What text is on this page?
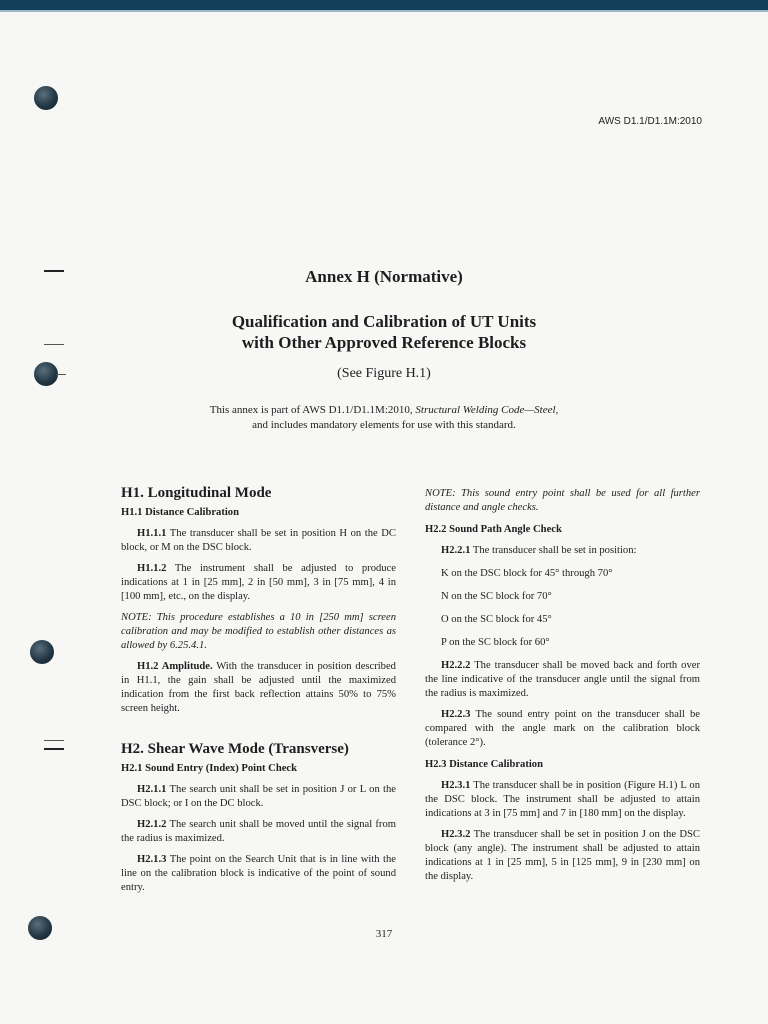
AWS D1.1/D1.1M:2010
Annex H (Normative)
Qualification and Calibration of UT Units
with Other Approved Reference Blocks
(See Figure H.1)
This annex is part of AWS D1.1/D1.1M:2010, Structural Welding Code—Steel,
and includes mandatory elements for use with this standard.

H1. Longitudinal Mode

H1.1 Distance Calibration

H1.1.1 The transducer shall be set in position H on the DC block, or M on the DSC block.

H1.1.2 The instrument shall be adjusted to produce indications at 1 in [25 mm], 2 in [50 mm], 3 in [75 mm], 4 in [100 mm], etc., on the display.

NOTE: This procedure establishes a 10 in [250 mm] screen calibration and may be modified to establish other distances as allowed by 6.25.4.1.

H1.2 Amplitude. With the transducer in position described in H1.1, the gain shall be adjusted until the maximized indication from the first back reflection attains 50% to 75% screen height.

H2. Shear Wave Mode (Transverse)

H2.1 Sound Entry (Index) Point Check

H2.1.1 The search unit shall be set in position J or L on the DSC block; or I on the DC block.

H2.1.2 The search unit shall be moved until the signal from the radius is maximized.

H2.1.3 The point on the Search Unit that is in line with the line on the calibration block is indicative of the point of sound entry.

NOTE: This sound entry point shall be used for all further distance and angle checks.

H2.2 Sound Path Angle Check

H2.2.1 The transducer shall be set in position:

K on the DSC block for 45° through 70°

N on the SC block for 70°

O on the SC block for 45°

P on the SC block for 60°

H2.2.2 The transducer shall be moved back and forth over the line indicative of the transducer angle until the signal from the radius is maximized.

H2.2.3 The sound entry point on the transducer shall be compared with the angle mark on the calibration block (tolerance 2°).

H2.3 Distance Calibration

H2.3.1 The transducer shall be in position (Figure H.1) L on the DSC block. The instrument shall be adjusted to attain indications at 3 in [75 mm] and 7 in [180 mm] on the display.

H2.3.2 The transducer shall be set in position J on the DSC block (any angle). The instrument shall be adjusted to attain indications at 1 in [25 mm], 5 in [125 mm], 9 in [230 mm] on the display.

317
